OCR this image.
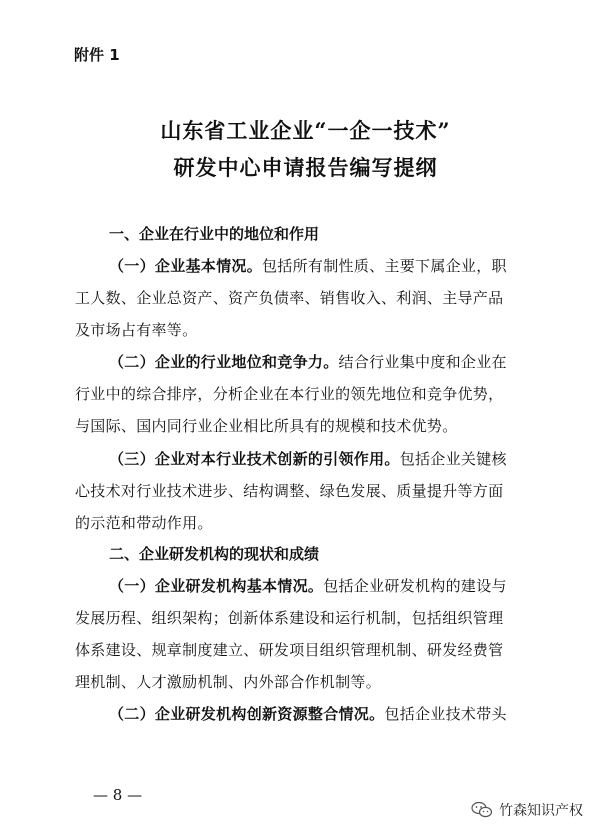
附件 1
山东省工业企业“一企一技术”
研发中心申请报告编写提纲
一、企业在行业中的地位和作用
（一）企业基本情况。包括所有制性质、主要下属企业，职
工人数、企业总资产、资产负债率、销售收入、利润、主导产品
及市场占有率等。
（二）企业的行业地位和竞争力。结合行业集中度和企业在
行业中的综合排序，分析企业在本行业的领先地位和竞争优势，
与国际、国内同行业企业相比所具有的规模和技术优势。
（三）企业对本行业技术创新的引领作用。包括企业关键核
心技术对行业技术进步、结构调整、绿色发展、质量提升等方面
的示范和带动作用。
二、企业研发机构的现状和成绩
（一）企业研发机构基本情况。包括企业研发机构的建设与
发展历程、组织架构；创新体系建设和运行机制，包括组织管理
体系建设、规章制度建立、研发项目组织管理机制、研发经费管
理机制、人才激励机制、内外部合作机制等。
（二）企业研发机构创新资源整合情况。包括企业技术带头
— 8 —
竹森知识产权
